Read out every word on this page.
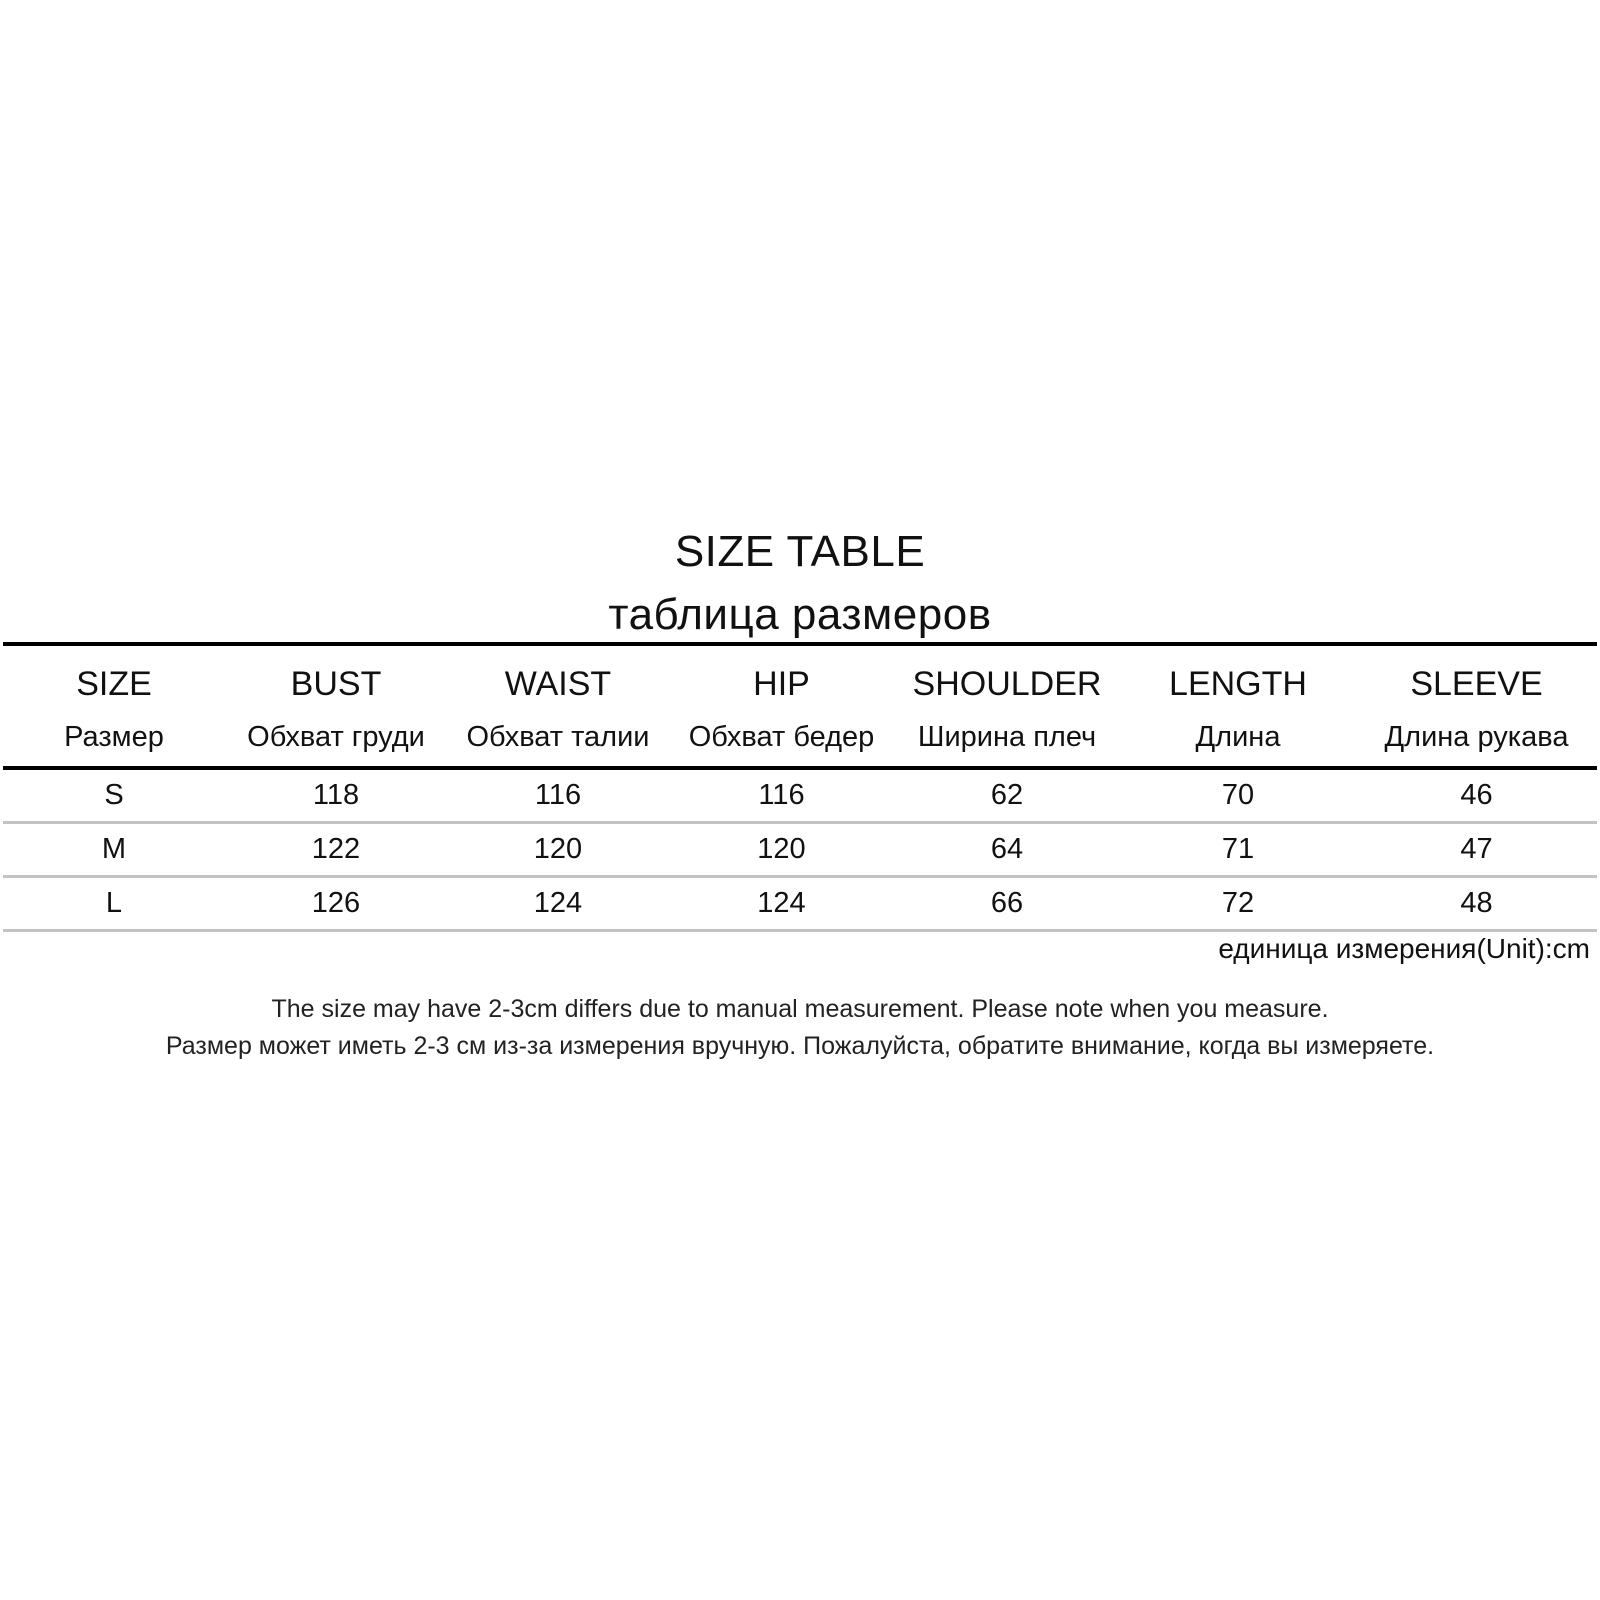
SIZE TABLE
таблица размеров
SIZE	BUST	WAIST	HIP	SHOULDER	LENGTH	SLEEVE
Размер	Обхват груди	Обхват талии	Обхват бедер	Ширина плеч	Длина	Длина рукава
S	118	116	116	62	70	46
M	122	120	120	64	71	47
L	126	124	124	66	72	48
единица измерения(Unit):cm
The size may have 2-3cm differs due to manual measurement. Please note when you measure.
Размер может иметь 2-3 см из-за измерения вручную. Пожалуйста, обратите внимание, когда вы измеряете.
